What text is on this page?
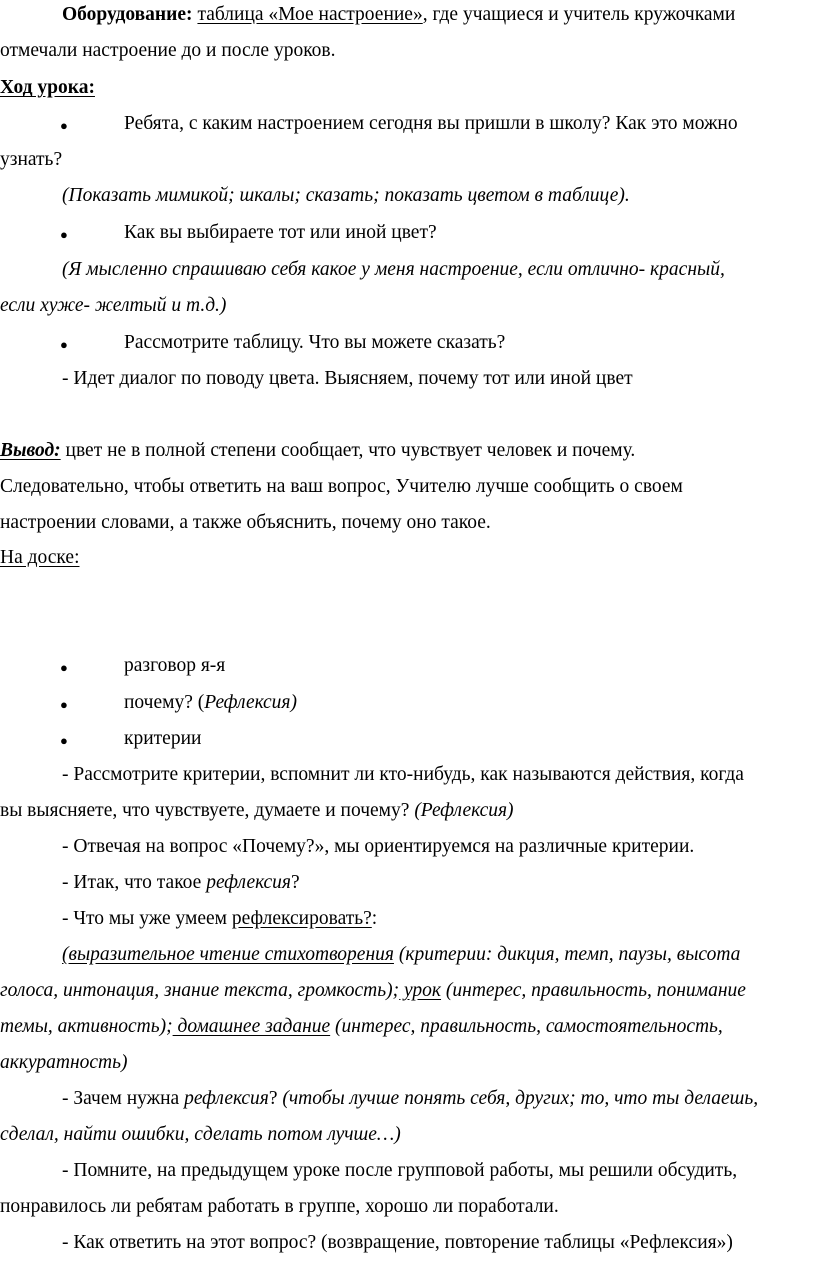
Оборудование: таблица «Мое настроение», где учащиеся и учитель кружочками
отмечали настроение до и после уроков.
Ход урока:
●	Ребята, с каким настроением сегодня вы пришли в школу? Как это можно
узнать?
(Показать мимикой; шкалы; сказать; показать цветом в таблице).
●	Как вы выбираете тот или иной цвет?
(Я мысленно спрашиваю себя какое у меня настроение, если отлично- красный,
если хуже- желтый и т.д.)
●	Рассмотрите таблицу. Что вы можете сказать?
- Идет диалог по поводу цвета. Выясняем, почему тот или иной цвет
Вывод: цвет не в полной степени сообщает, что чувствует человек и почему.
Следовательно, чтобы ответить на ваш вопрос, Учителю лучше сообщить о своем
настроении словами, а также объяснить, почему оно такое.
На доске:
●	разговор я-я
●	почему? (Рефлексия)
●	критерии
- Рассмотрите критерии, вспомнит ли кто-нибудь, как называются действия, когда
вы выясняете, что чувствуете, думаете и почему? (Рефлексия)
- Отвечая на вопрос «Почему?», мы ориентируемся на различные критерии.
- Итак, что такое рефлексия?
- Что мы уже умеем рефлексировать?:
(выразительное чтение стихотворения (критерии: дикция, темп, паузы, высота
голоса, интонация, знание текста, громкость); урок (интерес, правильность, понимание
темы, активность); домашнее задание (интерес, правильность, самостоятельность,
аккуратность)
- Зачем нужна рефлексия? (чтобы лучше понять себя, других; то, что ты делаешь,
сделал, найти ошибки, сделать потом лучше…)
- Помните, на предыдущем уроке после групповой работы, мы решили обсудить,
понравилось ли ребятам работать в группе, хорошо ли поработали.
- Как ответить на этот вопрос? (возвращение, повторение таблицы «Рефлексия»)
